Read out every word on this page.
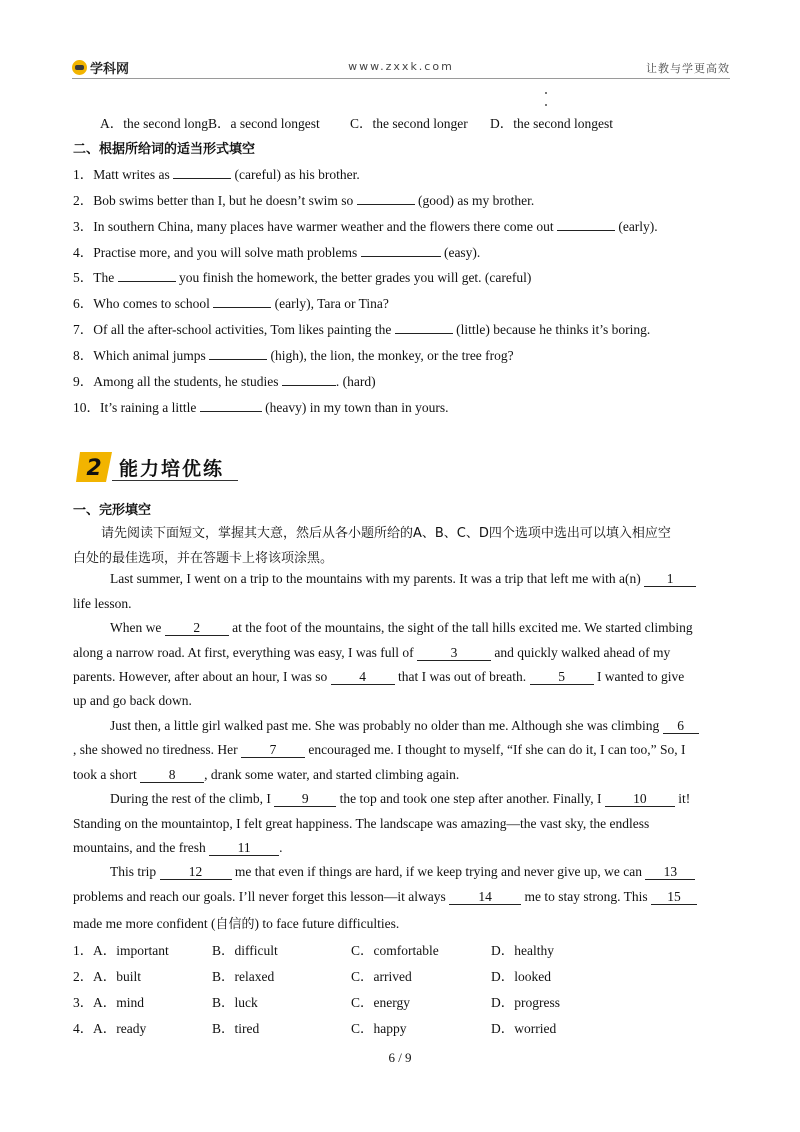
学科网	www.zxxk.com	让教与学更高效
A．the second longB．a second longest C．the second longer D．the second longest
二、根据所给词的适当形式填空
1．Matt writes as	(careful) as his brother.
2．Bob swims better than I, but he doesn’t swim so	(good) as my brother.
3．In southern China, many places have warmer weather and the flowers there come out	(early).
4．Practise more, and you will solve math problems	(easy).
5．The	you finish the homework, the better grades you will get. (careful)
6．Who comes to school	(early), Tara or Tina?
7．Of all the after-school activities, Tom likes painting the	(little) because he thinks it’s boring.
8．Which animal jumps	(high), the lion, the monkey, or the tree frog?
9．Among all the students, he studies	. (hard)
10．It’s raining a little	(heavy) in my town than in yours.
2 能力培优练
一、完形填空
请先阅读下面短文，掌握其大意，然后从各小题所给的A、B、C、D四个选项中选出可以填入相应空
白处的最佳选项，并在答题卡上将该项涂黑。
Last summer, I went on a trip to the mountains with my parents. It was a trip that left me with a(n) 1
life lesson.
When we 2 at the foot of the mountains, the sight of the tall hills excited me. We started climbing
along a narrow road. At first, everything was easy, I was full of 3 and quickly walked ahead of my
parents. However, after about an hour, I was so 4 that I was out of breath. 5 I wanted to give
up and go back down.
Just then, a little girl walked past me. She was probably no older than me. Although she was climbing 6
, she showed no tiredness. Her 7 encouraged me. I thought to myself, “If she can do it, I can too,” So, I
took a short 8 , drank some water, and started climbing again.
During the rest of the climb, I 9 the top and took one step after another. Finally, I 10 it!
Standing on the mountaintop, I felt great happiness. The landscape was amazing—the vast sky, the endless
mountains, and the fresh 11 .
This trip 12 me that even if things are hard, if we keep trying and never give up, we can 13
problems and reach our goals. I’ll never forget this lesson—it always 14 me to stay strong. This 15
made me more confident (自信的) to face future difficulties.
1． A．important	B．difficult	C．comfortable	D．healthy
2． A．built	B．relaxed	C．arrived	D．looked
3． A．mind	B．luck	C．energy	D．progress
4． A．ready	B．tired	C．happy	D．worried
6 / 9
